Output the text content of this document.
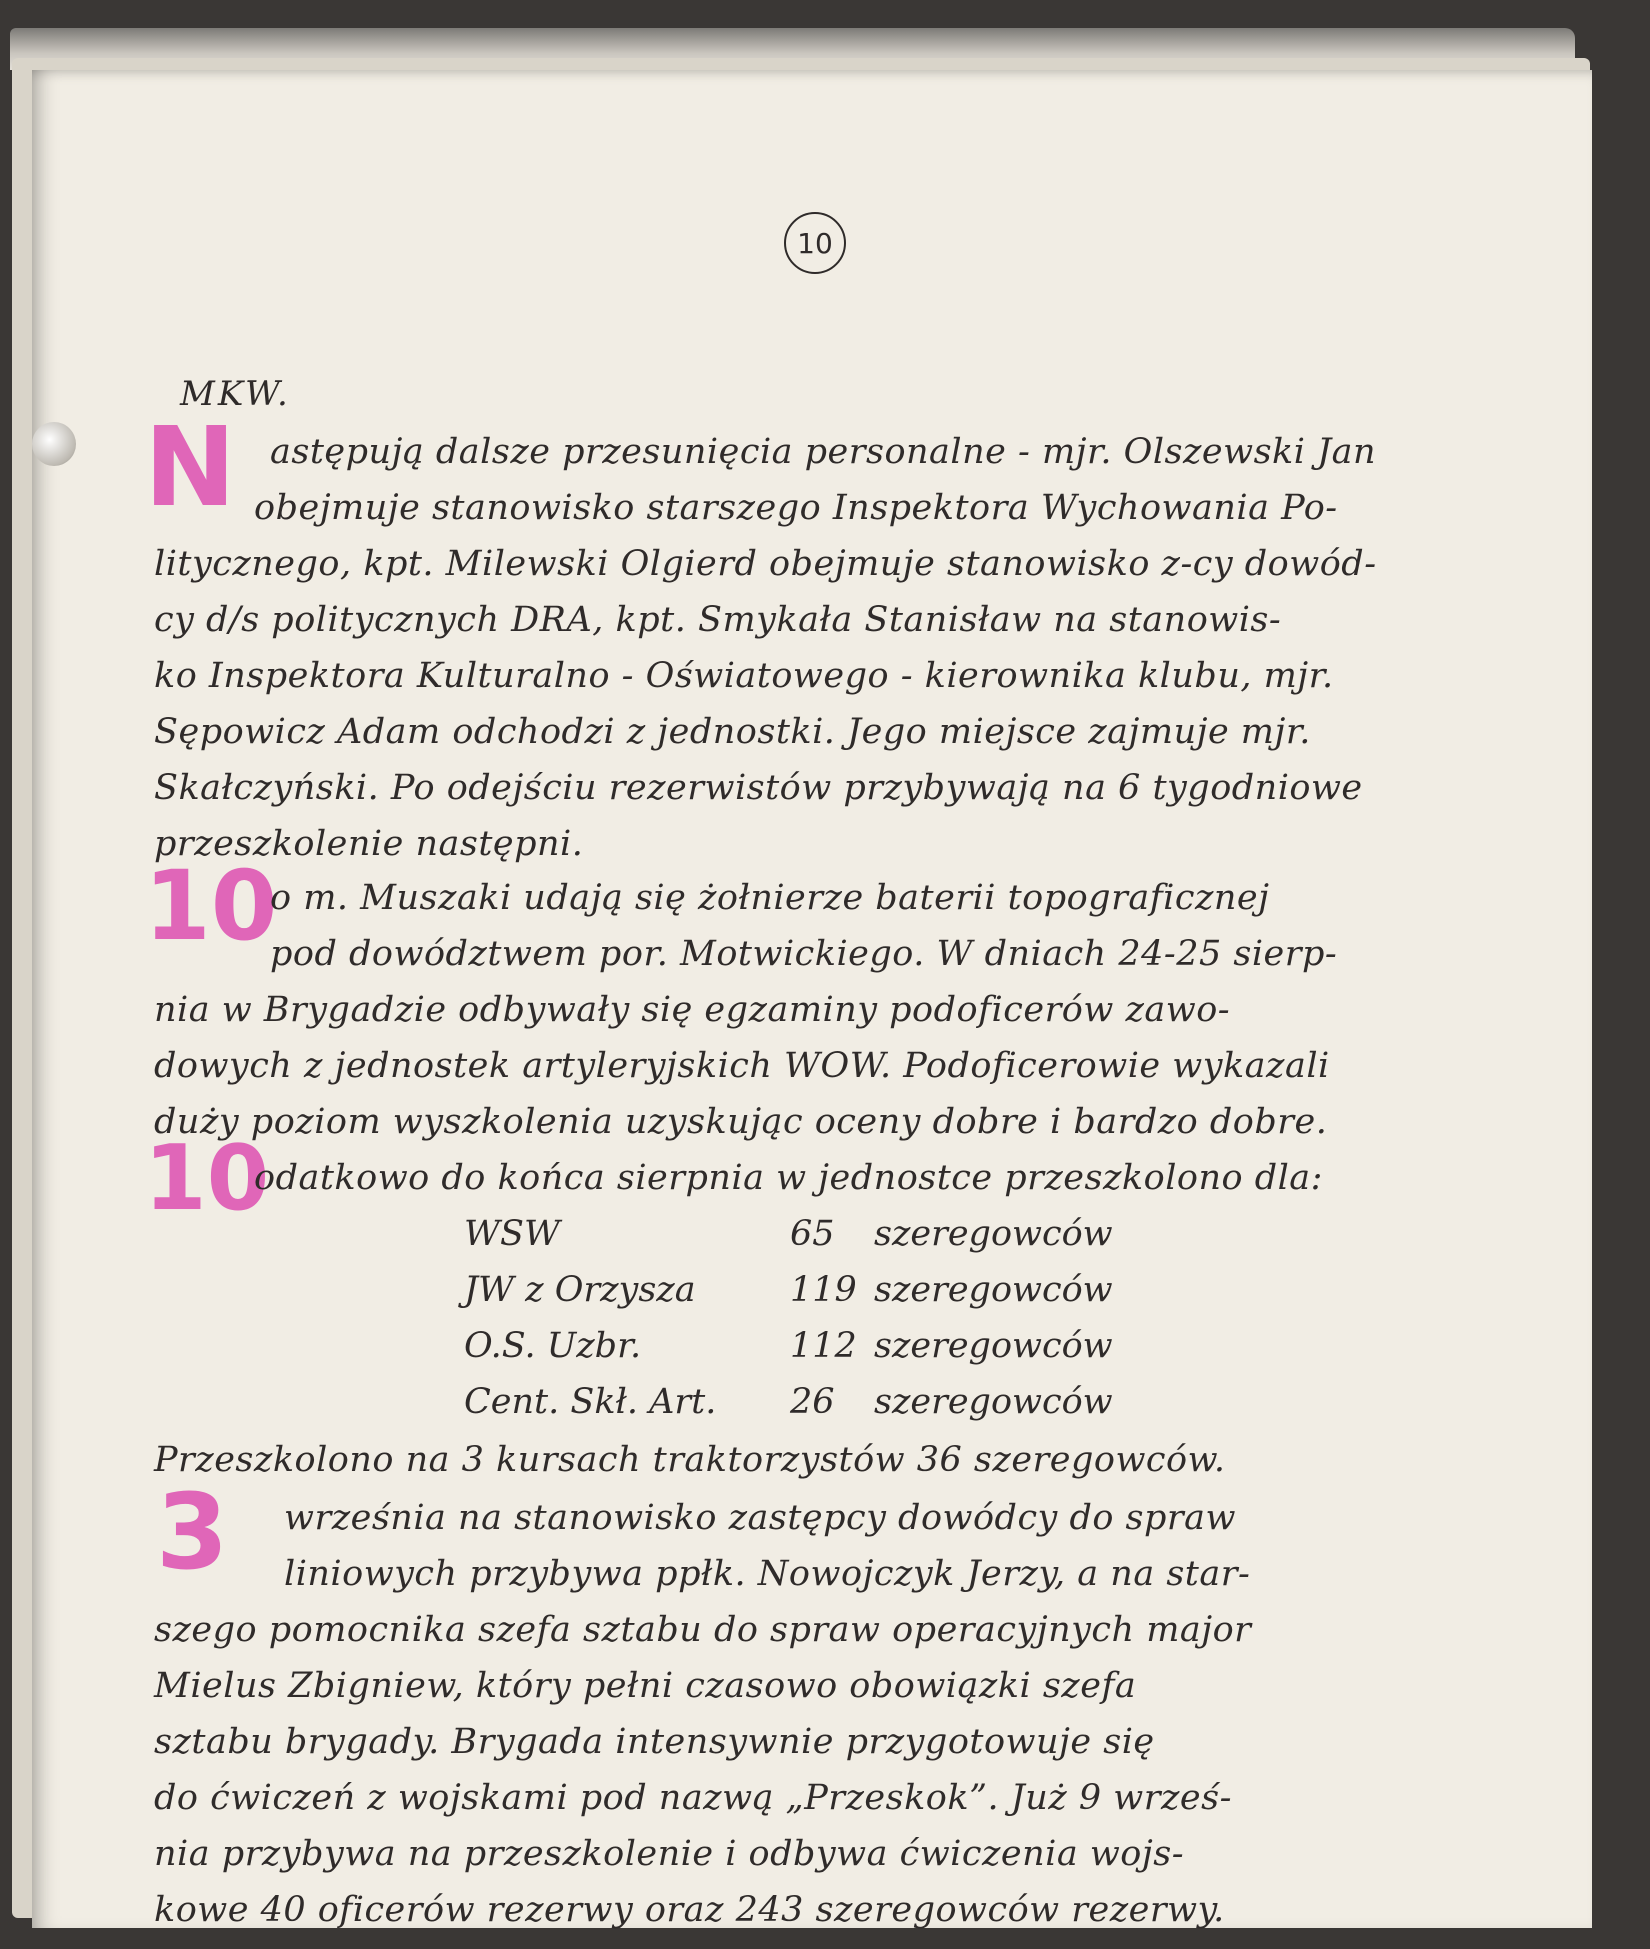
10
MKW.
N astępują dalsze przesunięcia personalne - mjr. Olszewski Jan
obejmuje stanowisko starszego Inspektora Wychowania Po-
litycznego, kpt. Milewski Olgierd obejmuje stanowisko z-cy dowód-
cy d/s politycznych DRA, kpt. Smykała Stanisław na stanowis-
ko Inspektora Kulturalno - Oświatowego - kierownika klubu, mjr.
Sępowicz Adam odchodzi z jednostki. Jego miejsce zajmuje mjr.
Skałczyński. Po odejściu rezerwistów przybywają na 6 tygodniowe
przeszkolenie następni.
10
o m. Muszaki udają się żołnierze baterii topograficznej
pod dowództwem por. Motwickiego. W dniach 24-25 sierp-
nia w Brygadzie odbywały się egzaminy podoficerów zawo-
dowych z jednostek artyleryjskich WOW. Podoficerowie wykazali
duży poziom wyszkolenia uzyskując oceny dobre i bardzo dobre.
10
odatkowo do końca sierpnia w jednostce przeszkolono dla:
WSW	65 szeregowców
JW z Orzysza	119 szeregowców
O.S. Uzbr.	112 szeregowców
Cent. Skł. Art. 26 szeregowców
Przeszkolono na 3 kursach traktorzystów 36 szeregowców.
3 września na stanowisko zastępcy dowódcy do spraw
liniowych przybywa ppłk. Nowojczyk Jerzy, a na star-
szego pomocnika szefa sztabu do spraw operacyjnych major
Mielus Zbigniew, który pełni czasowo obowiązki szefa
sztabu brygady. Brygada intensywnie przygotowuje się
do ćwiczeń z wojskami pod nazwą „Przeskok”. Już 9 wrześ-
nia przybywa na przeszkolenie i odbywa ćwiczenia wojs-
kowe 40 oficerów rezerwy oraz 243 szeregowców rezerwy.
